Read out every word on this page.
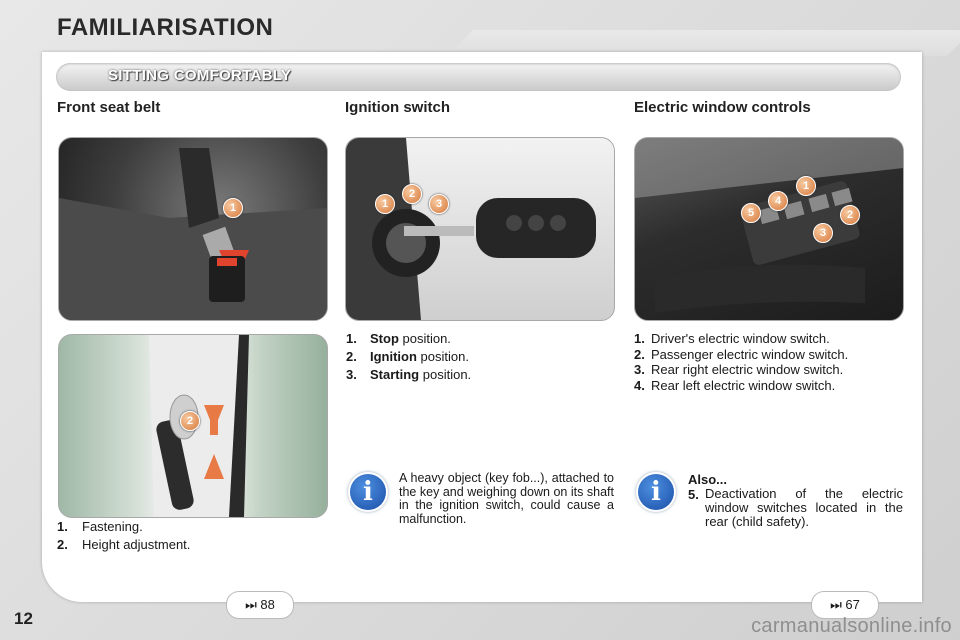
FAMILIARISATION
SITTING COMFORTABLY
Front seat belt	Ignition switch	Electric window controls
1
2
1. Fastening.
2. Height adjustment.
1
2
3
1. Stop position.
2. Ignition position.
3. Starting position.
1
2
3
4
5
1. Driver's electric window switch.
2. Passenger electric window switch.
3. Rear right electric window switch.
4. Rear left electric window switch.
i	A heavy object (key fob...), attached to the key and weighing down on its shaft in the ignition switch, could cause a malfunction.
i	Also...
5. Deactivation of the electric window switches located in the rear (child safety).
⏭ 88	⏭ 67
12	carmanualsonline.info
